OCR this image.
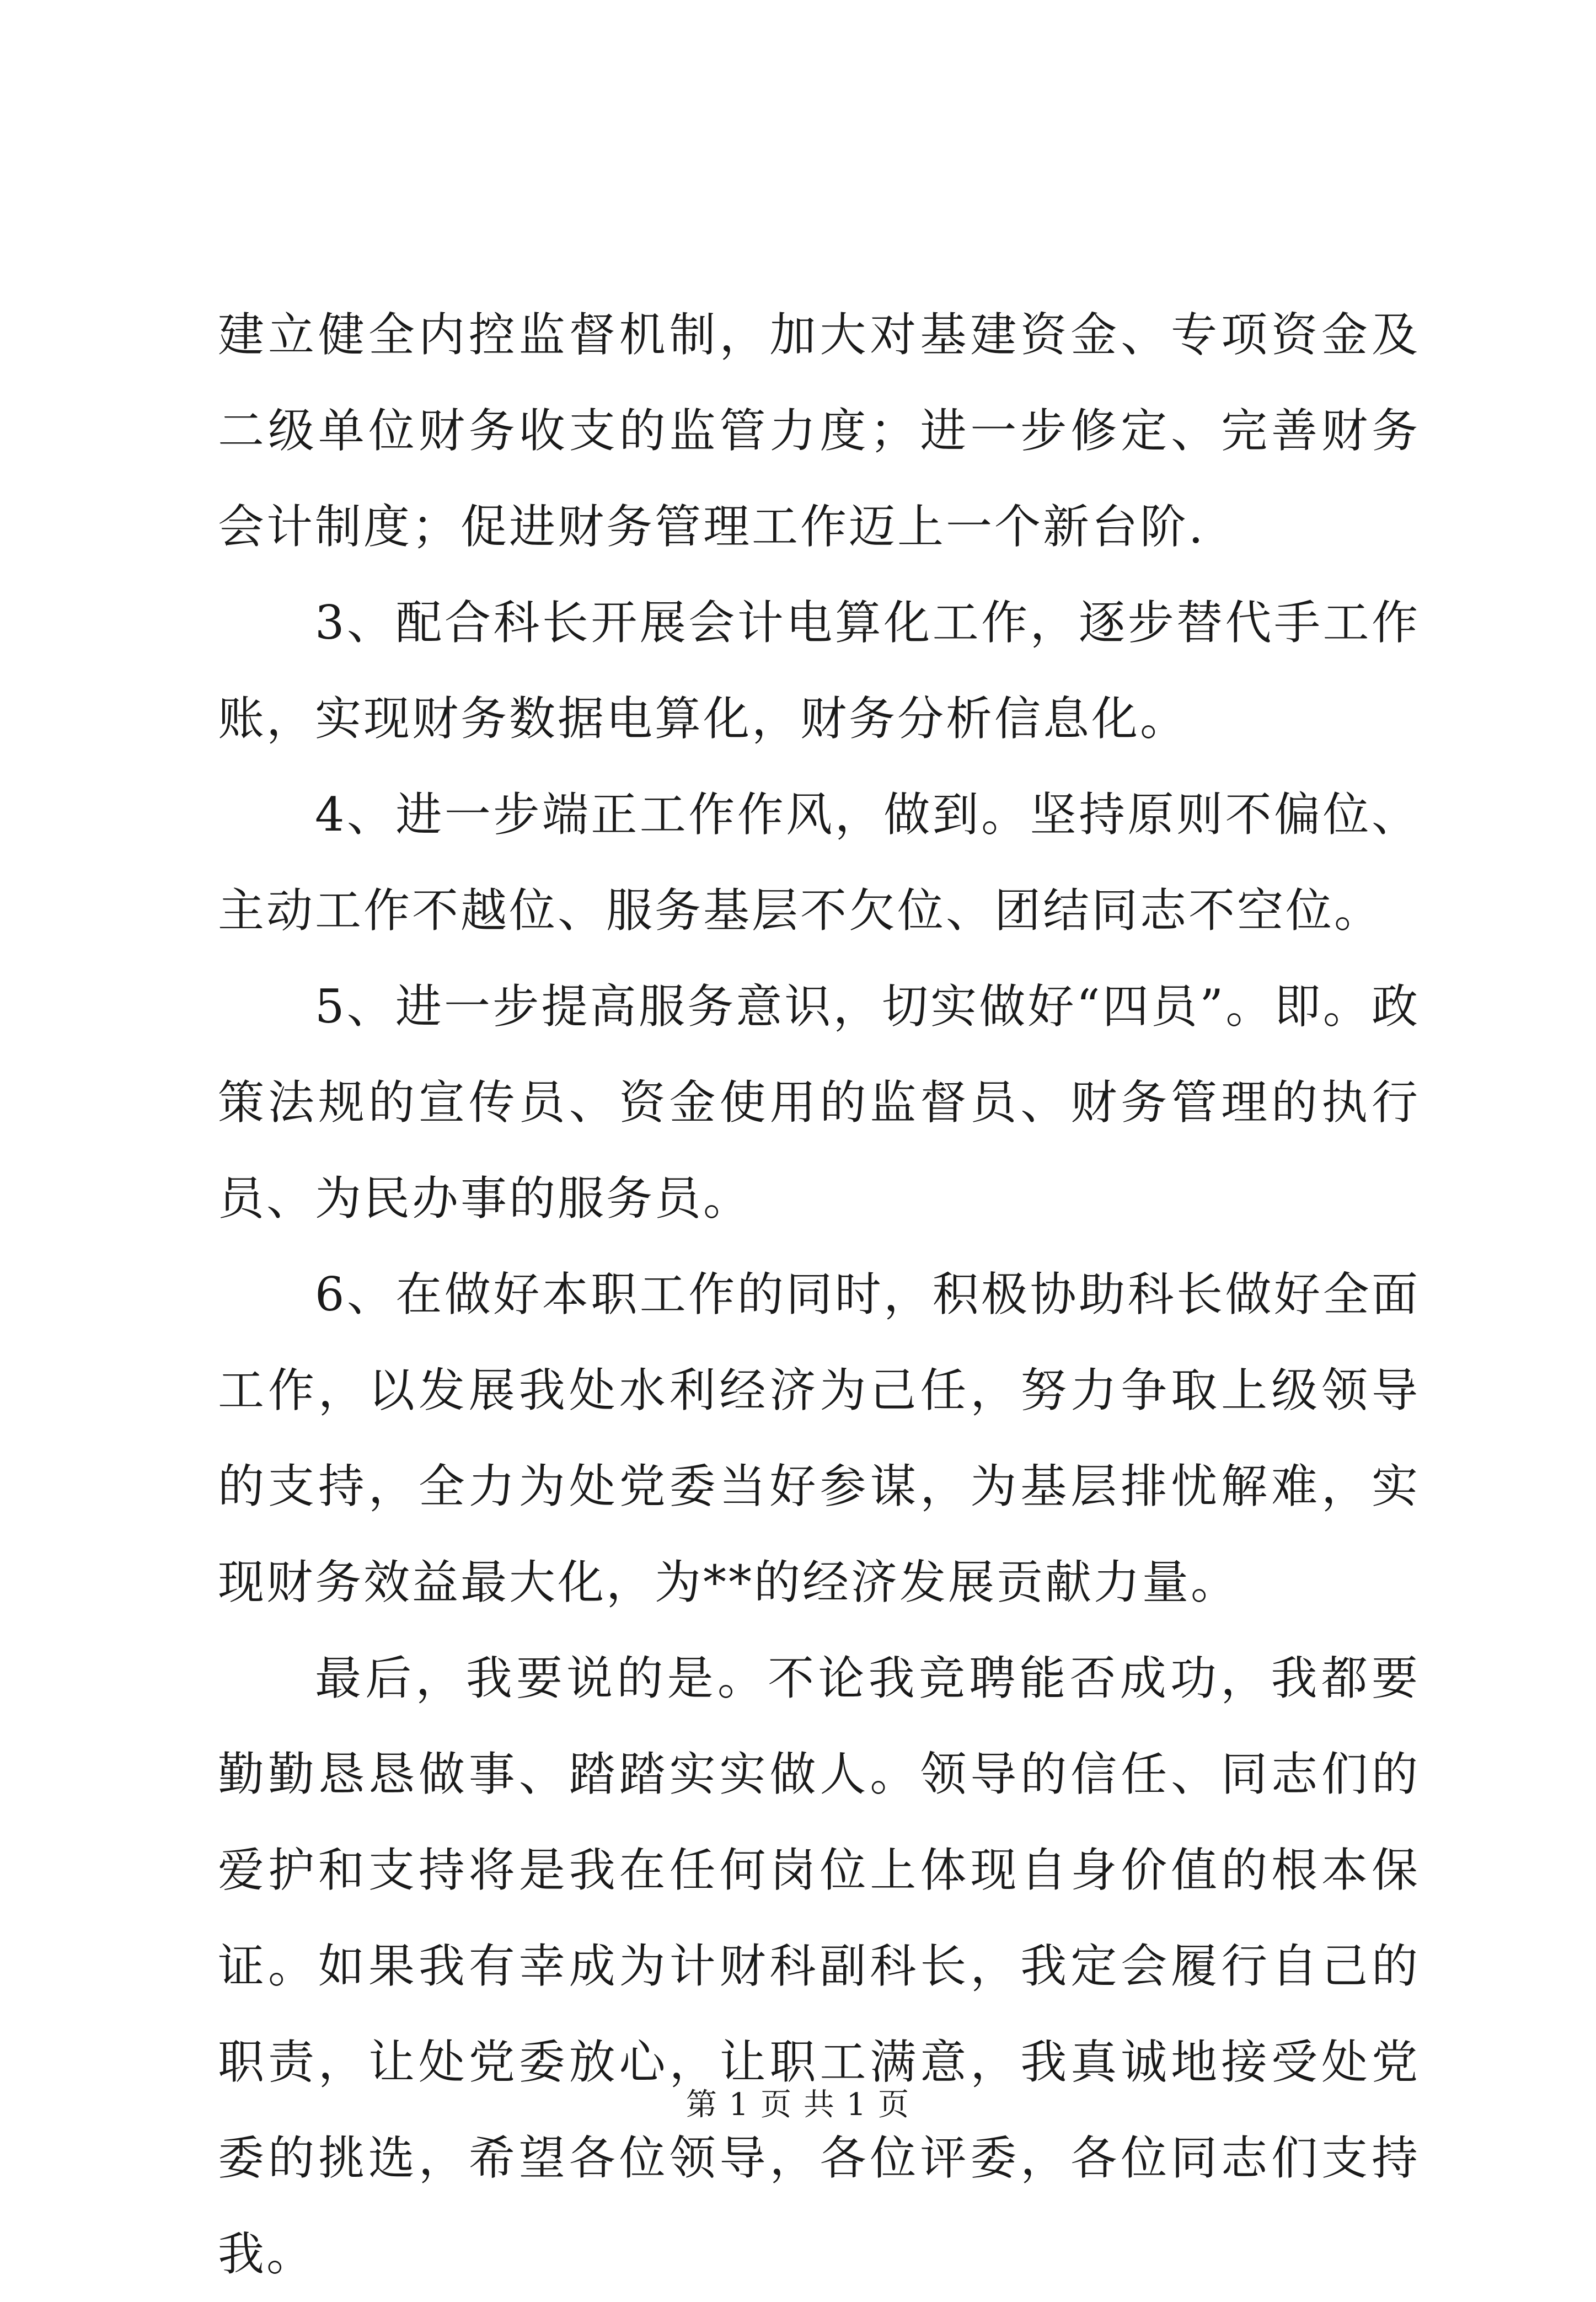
建立健全内控监督机制，加大对基建资金、专项资金及二级单位财务收支的监管力度；进一步修定、完善财务会计制度；促进财务管理工作迈上一个新台阶.

3、配合科长开展会计电算化工作，逐步替代手工作账，实现财务数据电算化，财务分析信息化。

4、进一步端正工作作风，做到。坚持原则不偏位、主动工作不越位、服务基层不欠位、团结同志不空位。

5、进一步提高服务意识，切实做好“四员”。即。政策法规的宣传员、资金使用的监督员、财务管理的执行员、为民办事的服务员。

6、在做好本职工作的同时，积极协助科长做好全面工作，以发展我处水利经济为己任，努力争取上级领导的支持，全力为处党委当好参谋，为基层排忧解难，实现财务效益最大化，为**的经济发展贡献力量。

最后，我要说的是。不论我竞聘能否成功，我都要勤勤恳恳做事、踏踏实实做人。领导的信任、同志们的爱护和支持将是我在任何岗位上体现自身价值的根本保证。如果我有幸成为计财科副科长，我定会履行自己的职责，让处党委放心，让职工满意，我真诚地接受处党委的挑选，希望各位领导，各位评委，各位同志们支持我。

第 1 页 共 1 页
